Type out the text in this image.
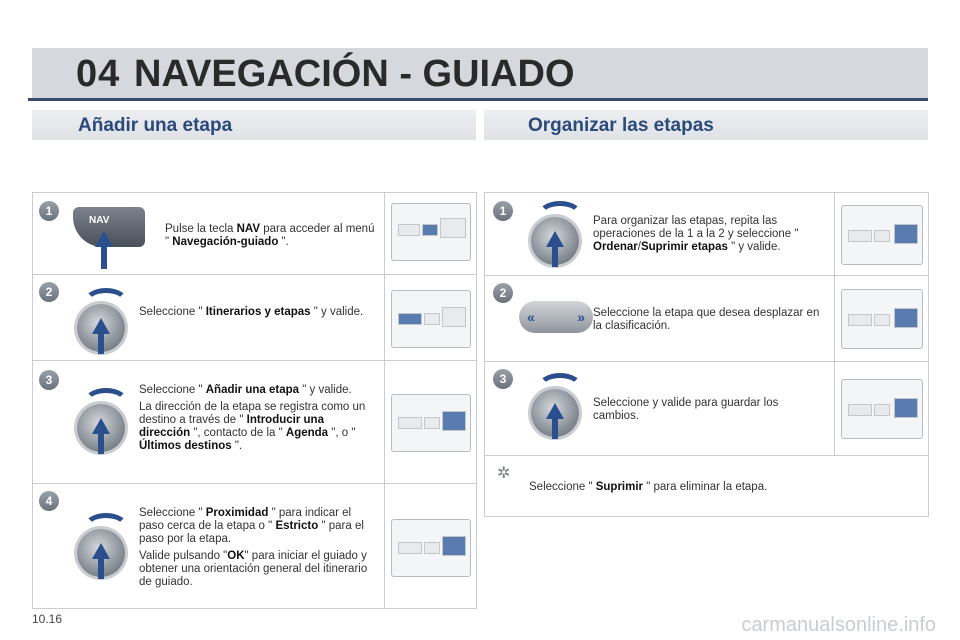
04 NAVEGACIÓN - GUIADO
Añadir una etapa	Organizar las etapas
1
NAV
Pulse la tecla NAV para acceder al menú " Navegación-guiado ".
2
Seleccione " Itinerarios y etapas " y valide.
3
Seleccione " Añadir una etapa " y valide.

La dirección de la etapa se registra como un destino a través de " Introducir una dirección ", contacto de la " Agenda ", o " Últimos destinos ".
4
Seleccione " Proximidad " para indicar el paso cerca de la etapa o " Estricto " para el paso por la etapa.

Valide pulsando "OK" para iniciar el guiado y obtener una orientación general del itinerario de guiado.
1
Para organizar las etapas, repita las operaciones de la 1 a la 2 y seleccione " Ordenar/Suprimir etapas " y valide.
2
«	» Seleccione la etapa que desea desplazar en la clasificación.
3
Seleccione y valide para guardar los cambios.
✲
Seleccione " Suprimir " para eliminar la etapa.
10.16	carmanualsonline.info
